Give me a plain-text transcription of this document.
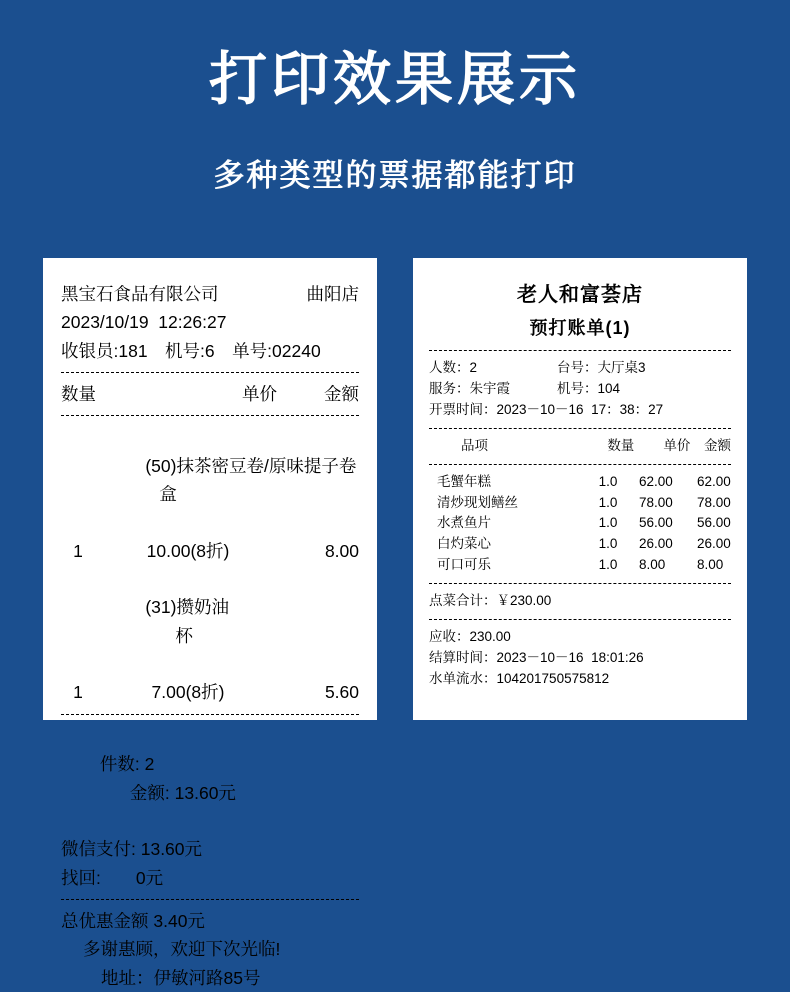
打印效果展示
多种类型的票据都能打印
黑宝石食品有限公司	曲阳店
2023/10/19  12:26:27
收银员:181　机号:6　单号:02240
数量	单价	金额

(50)抹茶密豆卷/原味提子卷
盒

1	10.00(8折)	8.00

(31)攒奶油
杯

1	7.00(8折)	5.60

件数: 2
金额: 13.60元

微信支付: 13.60元
找回:　　0元
总优惠金额 3.40元
多谢惠顾，欢迎下次光临!
地址：伊敏河路85号
老人和富荟店
预打账单(1)
人数：2	台号：大厅桌3
服务：朱宇霞	机号：104
开票时间：2023－10－16  17：38：27
品项	数量	单价	金额
毛蟹年糕	1.0	62.00	62.00
清炒现划鳝丝	1.0	78.00	78.00
水煮鱼片	1.0	56.00	56.00
白灼菜心	1.0	26.00	26.00
可口可乐	1.0	8.00	8.00
点菜合计：￥230.00
应收：230.00
结算时间：2023－10－16  18:01:26
水单流水：104201750575812
